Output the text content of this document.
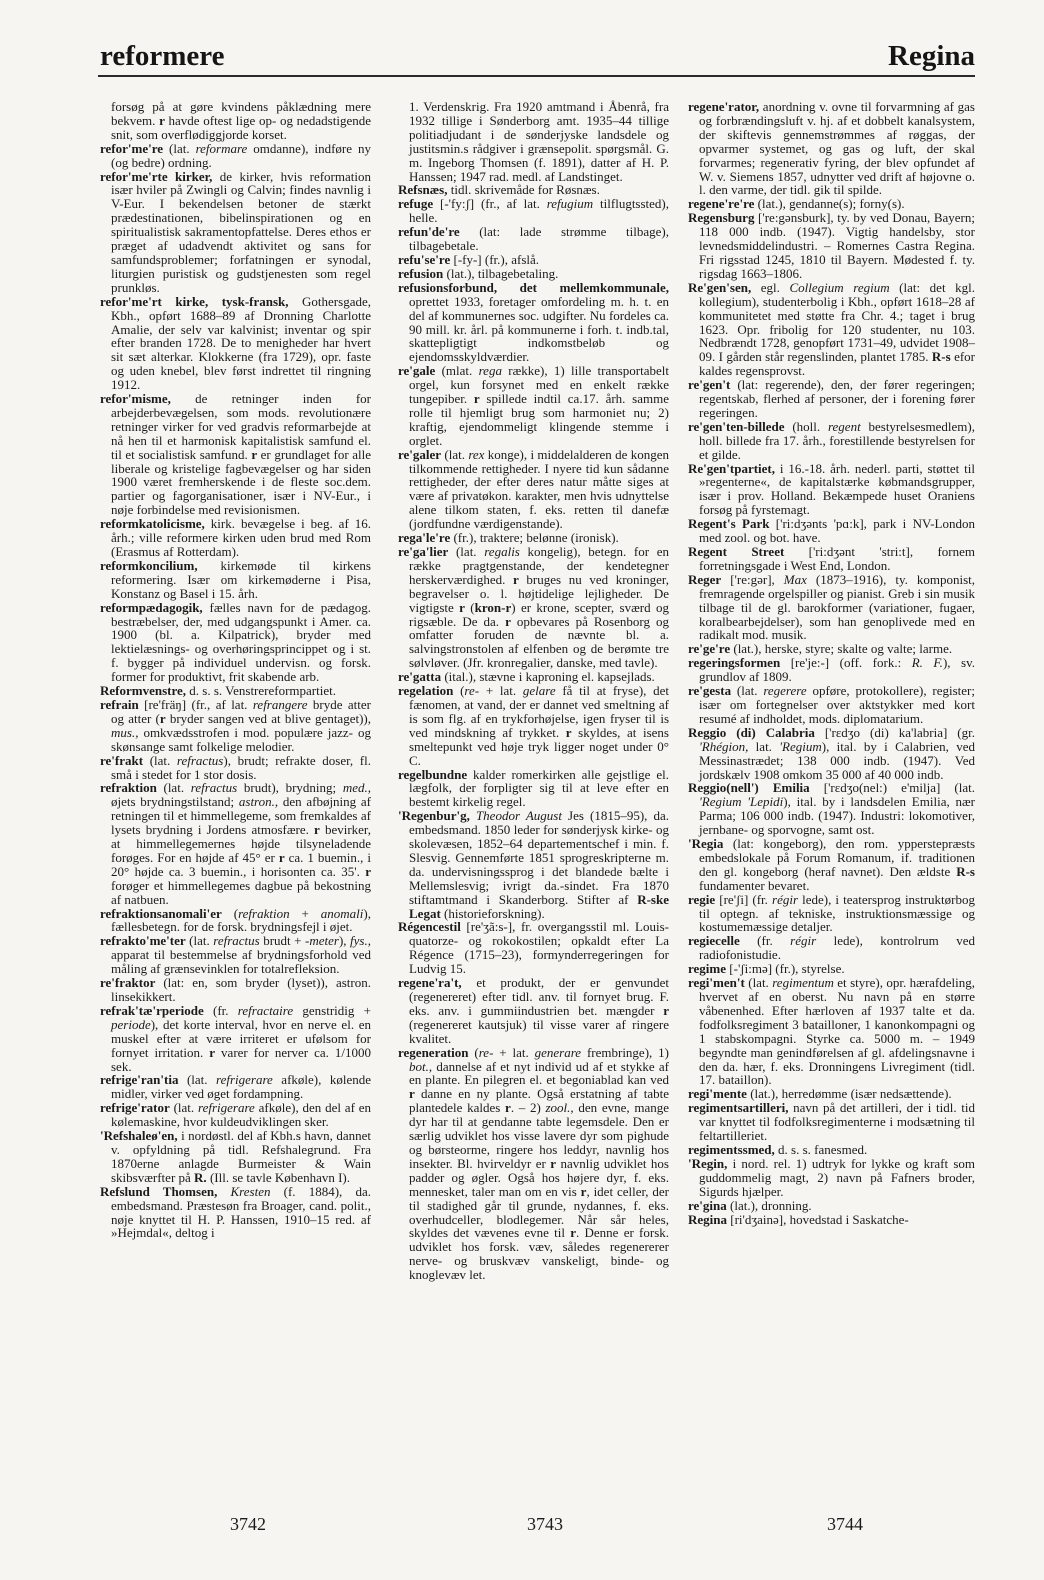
reformere	Regina

forsøg på at gøre kvindens påklædning mere bekvem. r havde oftest lige op- og nedadstigende snit, som overflødiggjorde korset.

refor'me're (lat. reformare omdanne), indføre ny (og bedre) ordning.

refor'me'rte kirker, de kirker, hvis reformation især hviler på Zwingli og Calvin; findes navnlig i V-Eur. I bekendelsen betoner de stærkt prædestinationen, bibelinspirationen og en spiritualistisk sakramentopfattelse. Deres ethos er præget af udadvendt aktivitet og sans for samfundsproblemer; forfatningen er synodal, liturgien puristisk og gudstjenesten som regel prunkløs.

refor'me'rt kirke, tysk-fransk, Gothersgade, Kbh., opført 1688–89 af Dronning Charlotte Amalie, der selv var kalvinist; inventar og spir efter branden 1728. De to menigheder har hvert sit sæt alterkar. Klokkerne (fra 1729), opr. faste og uden knebel, blev først indrettet til ringning 1912.

refor'misme, de retninger inden for arbejderbevægelsen, som mods. revolutionære retninger virker for ved gradvis reformarbejde at nå hen til et harmonisk kapitalistisk samfund el. til et socialistisk samfund. r er grundlaget for alle liberale og kristelige fagbevægelser og har siden 1900 været fremherskende i de fleste soc.dem. partier og fagorganisationer, især i NV-Eur., i nøje forbindelse med revisionismen.

reformkatolicisme, kirk. bevægelse i beg. af 16. årh.; ville reformere kirken uden brud med Rom (Erasmus af Rotterdam).

reformkoncilium, kirkemøde til kirkens reformering. Især om kirkemøderne i Pisa, Konstanz og Basel i 15. årh.

reformpædagogik, fælles navn for de pædagog. bestræbelser, der, med udgangspunkt i Amer. ca. 1900 (bl. a. Kilpatrick), bryder med lektielæsnings- og overhøringsprincippet og i st. f. bygger på individuel undervisn. og forsk. former for produktivt, frit skabende arb.

Reformvenstre, d. s. s. Venstrereformpartiet.

refrain [re'fräŋ] (fr., af lat. refrangere bryde atter og atter (r bryder sangen ved at blive gentaget)), mus., omkvædsstrofen i mod. populære jazz- og skønsange samt folkelige melodier.

re'frakt (lat. refractus), brudt; refrakte doser, fl. små i stedet for 1 stor dosis.

refraktion (lat. refractus brudt), brydning; med., øjets brydningstilstand; astron., den afbøjning af retningen til et himmellegeme, som fremkaldes af lysets brydning i Jordens atmosfære. r bevirker, at himmellegemernes højde tilsyneladende forøges. For en højde af 45° er r ca. 1 buemin., i 20° højde ca. 3 buemin., i horisonten ca. 35'. r forøger et himmellegemes dagbue på bekostning af natbuen.

refraktionsanomali'er (refraktion + anomali), fællesbetegn. for de forsk. brydningsfejl i øjet.

refrakto'me'ter (lat. refractus brudt + -meter), fys., apparat til bestemmelse af brydningsforhold ved måling af grænsevinklen for totalrefleksion.

re'fraktor (lat: en, som bryder (lyset)), astron. linsekikkert.

refrak'tæ'rperiode (fr. refractaire genstridig + periode), det korte interval, hvor en nerve el. en muskel efter at være irriteret er ufølsom for fornyet irritation. r varer for nerver ca. 1/1000 sek.

refrige'ran'tia (lat. refrigerare afkøle), kølende midler, virker ved øget fordampning.

refrige'rator (lat. refrigerare afkøle), den del af en kølemaskine, hvor kuldeudviklingen sker.

'Refshaleø'en, i nordøstl. del af Kbh.s havn, dannet v. opfyldning på tidl. Refshalegrund. Fra 1870erne anlagde Burmeister & Wain skibsværfter på R. (Ill. se tavle København I).

Refslund Thomsen, Kresten (f. 1884), da. embedsmand. Præstesøn fra Broager, cand. polit., nøje knyttet til H. P. Hanssen, 1910–15 red. af »Hejmdal«, deltog i

1. Verdenskrig. Fra 1920 amtmand i Åbenrå, fra 1932 tillige i Sønderborg amt. 1935–44 tillige politiadjudant i de sønderjyske landsdele og justitsmin.s rådgiver i grænsepolit. spørgsmål. G. m. Ingeborg Thomsen (f. 1891), datter af H. P. Hanssen; 1947 rad. medl. af Landstinget.

Refsnæs, tidl. skrivemåde for Røsnæs.

refuge [-'fy:ʃ] (fr., af lat. refugium tilflugtssted), helle.

refun'de're (lat: lade strømme tilbage), tilbagebetale.

refu'se're [-fy-] (fr.), afslå.

refusion (lat.), tilbagebetaling.

refusionsforbund, det mellemkommunale, oprettet 1933, foretager omfordeling m. h. t. en del af kommunernes soc. udgifter. Nu fordeles ca. 90 mill. kr. årl. på kommunerne i forh. t. indb.tal, skattepligtigt indkomstbeløb og ejendomsskyldværdier.

re'gale (mlat. rega række), 1) lille transportabelt orgel, kun forsynet med en enkelt række tungepiber. r spillede indtil ca.17. årh. samme rolle til hjemligt brug som harmoniet nu; 2) kraftig, ejendommeligt klingende stemme i orglet.

re'galer (lat. rex konge), i middelalderen de kongen tilkommende rettigheder. I nyere tid kun sådanne rettigheder, der efter deres natur måtte siges at være af privatøkon. karakter, men hvis udnyttelse alene tilkom staten, f. eks. retten til danefæ (jordfundne værdigenstande).

rega'le're (fr.), traktere; belønne (ironisk).

re'ga'lier (lat. regalis kongelig), betegn. for en række pragtgenstande, der kendetegner herskerværdighed. r bruges nu ved kroninger, begravelser o. l. højtidelige lejligheder. De vigtigste r (kron-r) er krone, scepter, sværd og rigsæble. De da. r opbevares på Rosenborg og omfatter foruden de nævnte bl. a. salvingstronstolen af elfenben og de berømte tre sølvløver. (Jfr. kronregalier, danske, med tavle).

re'gatta (ital.), stævne i kaproning el. kapsejlads.

regelation (re- + lat. gelare få til at fryse), det fænomen, at vand, der er dannet ved smeltning af is som flg. af en trykforhøjelse, igen fryser til is ved mindskning af trykket. r skyldes, at isens smeltepunkt ved høje tryk ligger noget under 0° C.

regelbundne kalder romerkirken alle gejstlige el. lægfolk, der forpligter sig til at leve efter en bestemt kirkelig regel.

'Regenbur'g, Theodor August Jes (1815–95), da. embedsmand. 1850 leder for sønderjysk kirke- og skolevæsen, 1852–64 departementschef i min. f. Slesvig. Gennemførte 1851 sprogreskripterne m. da. undervisningssprog i det blandede bælte i Mellemslesvig; ivrigt da.-sindet. Fra 1870 stiftamtmand i Skanderborg. Stifter af R-ske Legat (historieforskning).

Régencestil [re'ʒã:s-], fr. overgangsstil ml. Louis-quatorze- og rokokostilen; opkaldt efter La Régence (1715–23), formynderregeringen for Ludvig 15.

regene'ra't, et produkt, der er genvundet (regenereret) efter tidl. anv. til fornyet brug. F. eks. anv. i gummiindustrien bet. mængder r (regenereret kautsjuk) til visse varer af ringere kvalitet.

regeneration (re- + lat. generare frembringe), 1) bot., dannelse af et nyt individ ud af et stykke af en plante. En pilegren el. et begoniablad kan ved r danne en ny plante. Også erstatning af tabte plantedele kaldes r. – 2) zool., den evne, mange dyr har til at gendanne tabte legemsdele. Den er særlig udviklet hos visse lavere dyr som pighude og børsteorme, ringere hos leddyr, navnlig hos insekter. Bl. hvirveldyr er r navnlig udviklet hos padder og øgler. Også hos højere dyr, f. eks. mennesket, taler man om en vis r, idet celler, der til stadighed går til grunde, nydannes, f. eks. overhudceller, blodlegemer. Når sår heles, skyldes det vævenes evne til r. Denne er forsk. udviklet hos forsk. væv, således regenererer nerve- og bruskvæv vanskeligt, binde- og knoglevæv let.

regene'rator, anordning v. ovne til forvarmning af gas og forbrændingsluft v. hj. af et dobbelt kanalsystem, der skiftevis gennemstrømmes af røggas, der opvarmer systemet, og gas og luft, der skal forvarmes; regenerativ fyring, der blev opfundet af W. v. Siemens 1857, udnytter ved drift af højovne o. l. den varme, der tidl. gik til spilde.

regene're're (lat.), gendanne(s); forny(s).

Regensburg ['re:gənsburk], ty. by ved Donau, Bayern; 118 000 indb. (1947). Vigtig handelsby, stor levnedsmiddelindustri. – Romernes Castra Regina. Fri rigsstad 1245, 1810 til Bayern. Mødested f. ty. rigsdag 1663–1806.

Re'gen'sen, egl. Collegium regium (lat: det kgl. kollegium), studenterbolig i Kbh., opført 1618–28 af kommunitetet med støtte fra Chr. 4.; taget i brug 1623. Opr. fribolig for 120 studenter, nu 103. Nedbrændt 1728, genopført 1731–49, udvidet 1908–09. I gården står regenslinden, plantet 1785. R-s efor kaldes regensprovst.

re'gen't (lat: regerende), den, der fører regeringen; regentskab, flerhed af personer, der i forening fører regeringen.

re'gen'ten-billede (holl. regent bestyrelsesmedlem), holl. billede fra 17. årh., forestillende bestyrelsen for et gilde.

Re'gen'tpartiet, i 16.-18. årh. nederl. parti, støttet til »regenterne«, de kapitalstærke købmandsgrupper, især i prov. Holland. Bekæmpede huset Oraniens forsøg på fyrstemagt.

Regent's Park ['ri:dʒənts 'pɑ:k], park i NV-London med zool. og bot. have.

Regent Street ['ri:dʒənt 'stri:t], fornem forretningsgade i West End, London.

Reger ['re:gər], Max (1873–1916), ty. komponist, fremragende orgelspiller og pianist. Greb i sin musik tilbage til de gl. barokformer (variationer, fugaer, koralbearbejdelser), som han genoplivede med en radikalt mod. musik.

re'ge're (lat.), herske, styre; skalte og valte; larme.

regeringsformen [re'je:-] (off. fork.: R. F.), sv. grundlov af 1809.

re'gesta (lat. regerere opføre, protokollere), register; især om fortegnelser over aktstykker med kort resumé af indholdet, mods. diplomatarium.

Reggio (di) Calabria ['rɛdʒo (di) ka'labria] (gr. 'Rhégion, lat. 'Regium), ital. by i Calabrien, ved Messinastrædet; 138 000 indb. (1947). Ved jordskælv 1908 omkom 35 000 af 40 000 indb.

Reggio(nell') Emilia ['rɛdʒo(nel:) e'milja] (lat. 'Regium 'Lepidi), ital. by i landsdelen Emilia, nær Parma; 106 000 indb. (1947). Industri: lokomotiver, jernbane- og sporvogne, samt ost.

'Regia (lat: kongeborg), den rom. ypperstepræsts embedslokale på Forum Romanum, if. traditionen den gl. kongeborg (heraf navnet). Den ældste R-s fundamenter bevaret.

regie [re'ʃi] (fr. régir lede), i teatersprog instruktørbog til optegn. af tekniske, instruktionsmæssige og kostumemæssige detaljer.

regiecelle (fr. régir lede), kontrolrum ved radiofonistudie.

regime [-'ʃi:mə] (fr.), styrelse.

regi'men't (lat. regimentum et styre), opr. hærafdeling, hvervet af en oberst. Nu navn på en større våbenenhed. Efter hærloven af 1937 talte et da. fodfolksregiment 3 batailloner, 1 kanonkompagni og 1 stabskompagni. Styrke ca. 5000 m. – 1949 begyndte man genindførelsen af gl. afdelingsnavne i den da. hær, f. eks. Dronningens Livregiment (tidl. 17. bataillon).

regi'mente (lat.), herredømme (især nedsættende).

regimentsartilleri, navn på det artilleri, der i tidl. tid var knyttet til fodfolksregimenterne i modsætning til feltartilleriet.

regimentssmed, d. s. s. fanesmed.

'Regin, i nord. rel. 1) udtryk for lykke og kraft som guddommelig magt, 2) navn på Fafners broder, Sigurds hjælper.

re'gina (lat.), dronning.

Regina [ri'dʒainə], hovedstad i Saskatche-

3742	3743	3744
